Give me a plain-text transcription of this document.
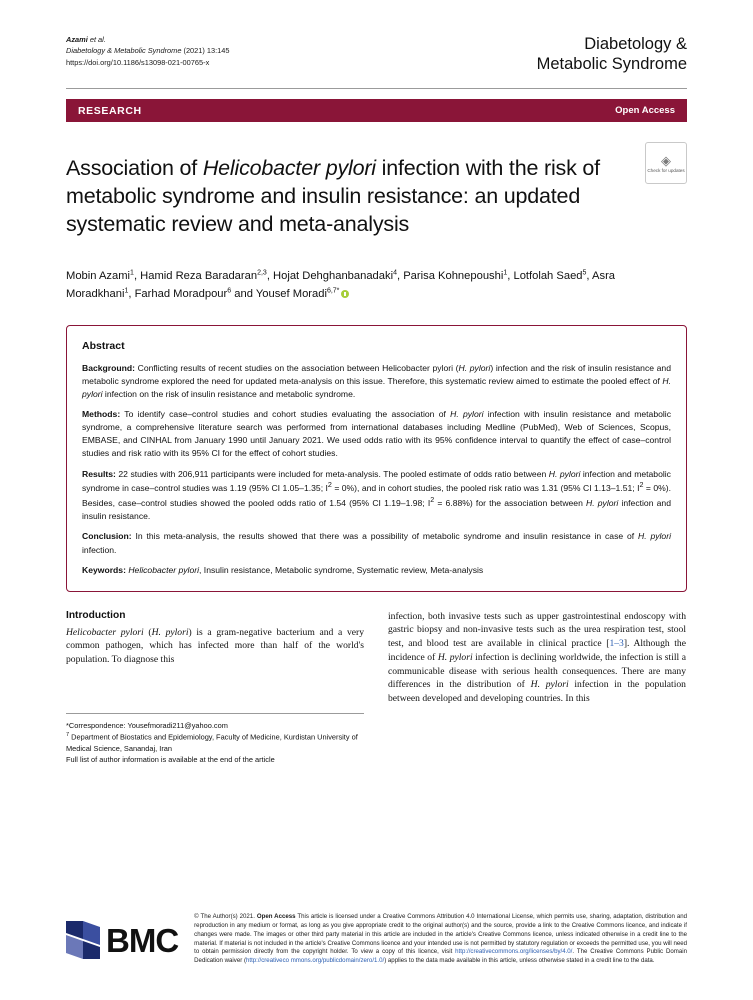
Azami et al.
Diabetology & Metabolic Syndrome (2021) 13:145
https://doi.org/10.1186/s13098-021-00765-x
Diabetology &
Metabolic Syndrome
RESEARCH	Open Access
Association of Helicobacter pylori infection with the risk of metabolic syndrome and insulin resistance: an updated systematic review and meta-analysis
◈
Check for updates
Mobin Azami$^1$, Hamid Reza Baradaran$^{2,3}$, Hojat Dehghanbanadaki$^4$, Parisa Kohnepoushi$^1$, Lotfolah Saed$^5$, Asra Moradkhani$^1$, Farhad Moradpour$^6$ and Yousef Moradi$^{6,7*}$
Abstract

Background: Conflicting results of recent studies on the association between Helicobacter pylori (H. pylori) infection and the risk of insulin resistance and metabolic syndrome explored the need for updated meta-analysis on this issue. Therefore, this systematic review aimed to estimate the pooled effect of H. pylori infection on the risk of insulin resistance and metabolic syndrome.

Methods: To identify case–control studies and cohort studies evaluating the association of H. pylori infection with insulin resistance and metabolic syndrome, a comprehensive literature search was performed from international databases including Medline (PubMed), Web of Sciences, Scopus, EMBASE, and CINHAL from January 1990 until January 2021. We used odds ratio with its 95% confidence interval to quantify the effect of case–control studies and risk ratio with its 95% CI for the effect of cohort studies.

Results: 22 studies with 206,911 participants were included for meta-analysis. The pooled estimate of odds ratio between H. pylori infection and metabolic syndrome in case–control studies was 1.19 (95% CI 1.05–1.35; $I^2 = 0\%$), and in cohort studies, the pooled risk ratio was 1.31 (95% CI 1.13–1.51; $I^2 = 0\%$). Besides, case–control studies showed the pooled odds ratio of 1.54 (95% CI 1.19–1.98; $I^2 = 6.88\%$) for the association between H. pylori infection and insulin resistance.

Conclusion: In this meta-analysis, the results showed that there was a possibility of metabolic syndrome and insulin resistance in case of H. pylori infection.

Keywords: Helicobacter pylori, Insulin resistance, Metabolic syndrome, Systematic review, Meta-analysis

Introduction

Helicobacter pylori (H. pylori) is a gram-negative bacterium and a very common pathogen, which has infected more than half of the world's population. To diagnose this

*Correspondence: Yousefmoradi211@yahoo.com
$^7$ Department of Biostatics and Epidemiology, Faculty of Medicine, Kurdistan University of Medical Science, Sanandaj, Iran
Full list of author information is available at the end of the article

infection, both invasive tests such as upper gastrointestinal endoscopy with gastric biopsy and non-invasive tests such as the urea respiration test, stool test, and blood test are available in clinical practice [1–3]. Although the incidence of H. pylori infection is declining worldwide, the infection is still a communicable disease with serious health consequences. There are many differences in the distribution of H. pylori infection in the population between developed and developing countries. In this

BMC
© The Author(s) 2021. Open Access This article is licensed under a Creative Commons Attribution 4.0 International License, which permits use, sharing, adaptation, distribution and reproduction in any medium or format, as long as you give appropriate credit to the original author(s) and the source, provide a link to the Creative Commons licence, and indicate if changes were made. The images or other third party material in this article are included in the article's Creative Commons licence, unless indicated otherwise in a credit line to the material. If material is not included in the article's Creative Commons licence and your intended use is not permitted by statutory regulation or exceeds the permitted use, you will need to obtain permission directly from the copyright holder. To view a copy of this licence, visit http://creativecommons.org/licenses/by/4.0/. The Creative Commons Public Domain Dedication waiver (http://creativeco mmons.org/publicdomain/zero/1.0/) applies to the data made available in this article, unless otherwise stated in a credit line to the data.
